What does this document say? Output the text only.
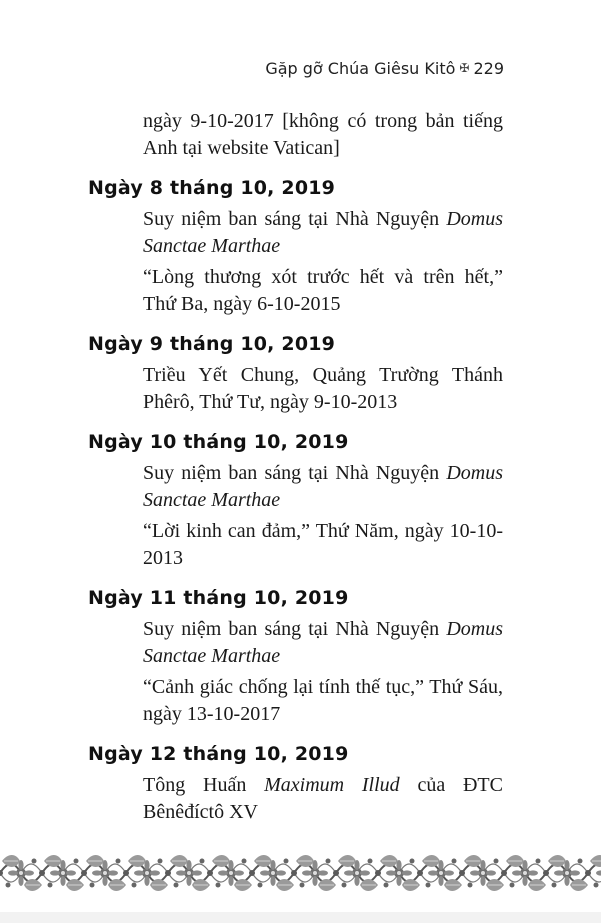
Gặp gỡ Chúa Giêsu Kitô ✠ 229
ngày 9-10-2017 [không có trong bản tiếng Anh tại website Vatican]
Ngày 8 tháng 10, 2019
Suy niệm ban sáng tại Nhà Nguyện Domus Sanctae Marthae
“Lòng thương xót trước hết và trên hết,” Thứ Ba, ngày 6-10-2015
Ngày 9 tháng 10, 2019
Triều Yết Chung, Quảng Trường Thánh Phêrô, Thứ Tư, ngày 9-10-2013
Ngày 10 tháng 10, 2019
Suy niệm ban sáng tại Nhà Nguyện Domus Sanctae Marthae
“Lời kinh can đảm,” Thứ Năm, ngày 10-10-2013
Ngày 11 tháng 10, 2019
Suy niệm ban sáng tại Nhà Nguyện Domus Sanctae Marthae
“Cảnh giác chống lại tính thế tục,” Thứ Sáu, ngày 13-10-2017
Ngày 12 tháng 10, 2019
Tông Huấn Maximum Illud của ĐTC Bênêđíctô XV
